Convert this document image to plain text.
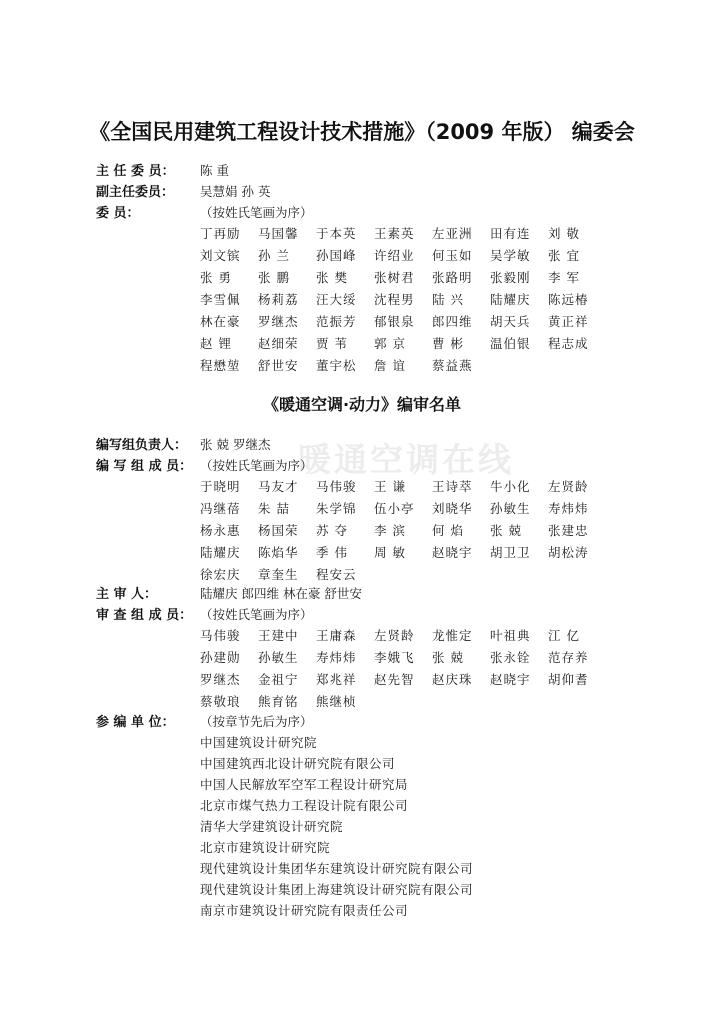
《全国民用建筑工程设计技术措施》（2009 年版） 编委会
主 任 委 员： 陈 重
副主任委员： 吴慧娟 孙 英
委 员：	（按姓氏笔画为序）
丁再励 马国馨 于本英 王素英 左亚洲 田有连 刘 敬
刘文镔 孙 兰 孙国峰 许绍业 何玉如 吴学敏 张 宜
张 勇 张 鹏 张 樊 张树君 张路明 张毅刚 李 军
李雪佩 杨莉荔 汪大绥 沈程男 陆 兴 陆耀庆 陈远椿
林在豪 罗继杰 范振芳 郁银泉 郎四维 胡天兵 黄正祥
赵 锂 赵细荣 贾 苇 郭 京 曹 彬 温伯银 程志成
程懋堃 舒世安 董宇松 詹 谊 蔡益燕
《暖通空调·动力》编审名单
暖通空调在线
编写组负责人： 张 兢 罗继杰
编 写 组 成 员： （按姓氏笔画为序）
于晓明 马友才 马伟骏 王 谦 王诗萃 牛小化 左贤龄
冯继蓓 朱 喆 朱学锦 伍小亭 刘晓华 孙敏生 寿炜炜
杨永惠 杨国荣 苏 夺 李 滨 何 焰 张 兢 张建忠
陆耀庆 陈焰华 季 伟 周 敏 赵晓宇 胡卫卫 胡松涛
徐宏庆 章奎生 程安云
主 审 人：	陆耀庆 郎四维 林在豪 舒世安
审 查 组 成 员： （按姓氏笔画为序）
马伟骏 王建中 王庸森 左贤龄 龙惟定 叶祖典 江 亿
孙建勋 孙敏生 寿炜炜 李娥飞 张 兢 张永铨 范存养
罗继杰 金祖宁 郑兆祥 赵先智 赵庆珠 赵晓宇 胡仰耆
蔡敬琅 熊育铭 熊继桢
参 编 单 位： （按章节先后为序）
中国建筑设计研究院
中国建筑西北设计研究院有限公司
中国人民解放军空军工程设计研究局
北京市煤气热力工程设计院有限公司
清华大学建筑设计研究院
北京市建筑设计研究院
现代建筑设计集团华东建筑设计研究院有限公司
现代建筑设计集团上海建筑设计研究院有限公司
南京市建筑设计研究院有限责任公司
